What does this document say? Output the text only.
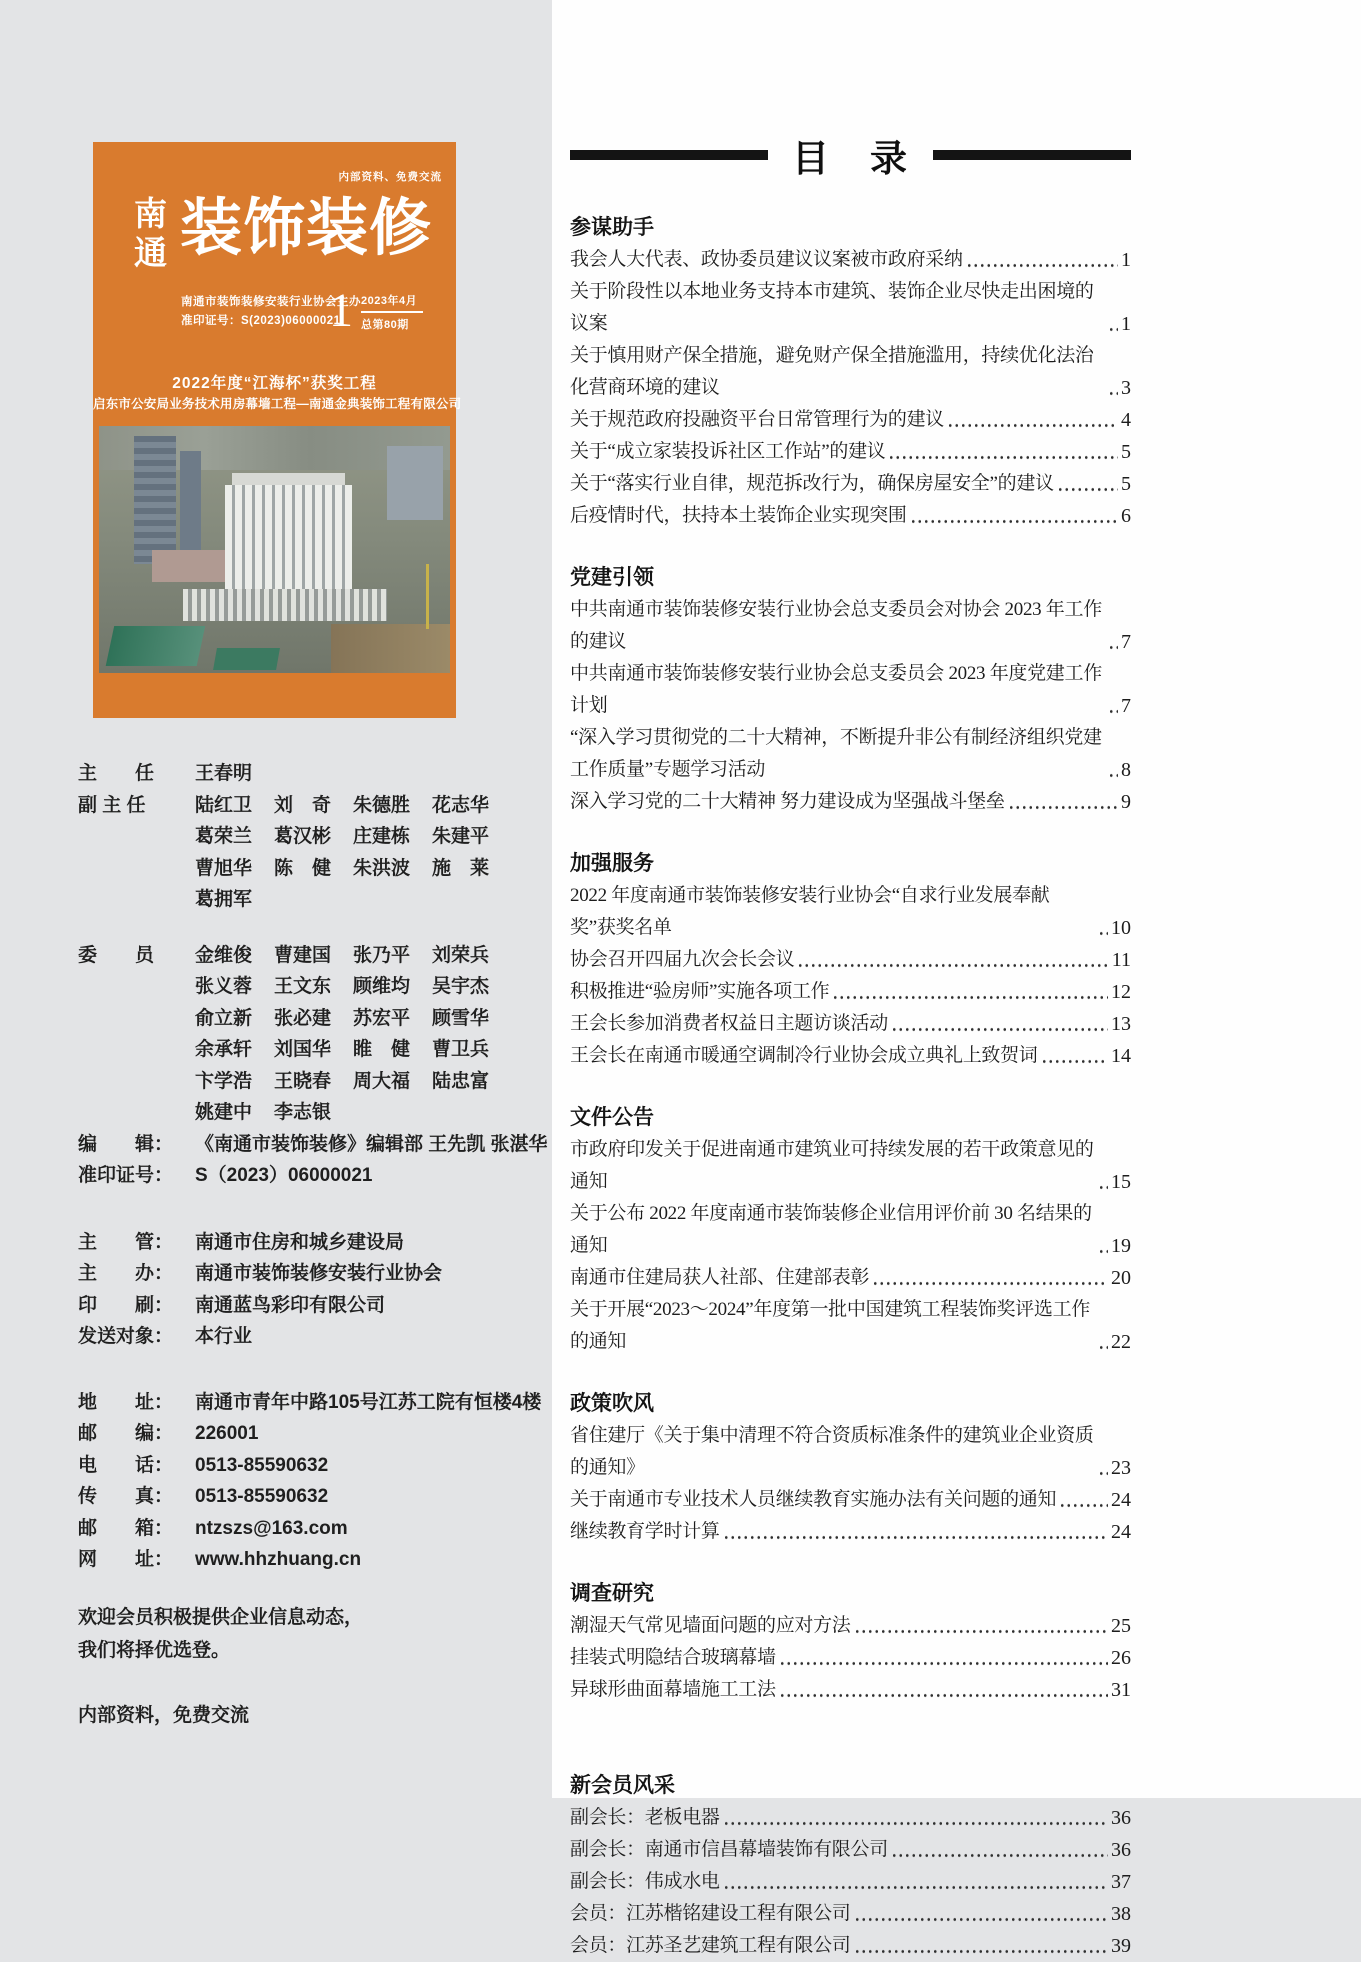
目　录
参谋助手
我会人大代表、政协委员建议议案被市政府采纳	1
关于阶段性以本地业务支持本市建筑、装饰企业尽快走出困境的议案	1
关于慎用财产保全措施，避免财产保全措施滥用，持续优化法治化营商环境的建议	3
关于规范政府投融资平台日常管理行为的建议	4
关于“成立家装投诉社区工作站”的建议	5
关于“落实行业自律，规范拆改行为，确保房屋安全”的建议	5
后疫情时代，扶持本土装饰企业实现突围	6
党建引领
中共南通市装饰装修安装行业协会总支委员会对协会 2023 年工作的建议	7
中共南通市装饰装修安装行业协会总支委员会 2023 年度党建工作计划	7
“深入学习贯彻党的二十大精神，不断提升非公有制经济组织党建工作质量”专题学习活动	8
深入学习党的二十大精神 努力建设成为坚强战斗堡垒	9
加强服务
2022 年度南通市装饰装修安装行业协会“自求行业发展奉献奖”获奖名单	10
协会召开四届九次会长会议	11
积极推进“验房师”实施各项工作	12
王会长参加消费者权益日主题访谈活动	13
王会长在南通市暖通空调制冷行业协会成立典礼上致贺词	14
文件公告
市政府印发关于促进南通市建筑业可持续发展的若干政策意见的通知	15
关于公布 2022 年度南通市装饰装修企业信用评价前 30 名结果的通知	19
南通市住建局获人社部、住建部表彰	20
关于开展“2023～2024”年度第一批中国建筑工程装饰奖评选工作的通知	22
政策吹风
省住建厅《关于集中清理不符合资质标准条件的建筑业企业资质的通知》	23
关于南通市专业技术人员继续教育实施办法有关问题的通知	24
继续教育学时计算	24
调查研究
潮湿天气常见墙面问题的应对方法	25
挂装式明隐结合玻璃幕墙	26
异球形曲面幕墙施工工法	31
新会员风采
副会长：老板电器	36
副会长：南通市信昌幕墙装饰有限公司	36
副会长：伟成水电	37
会员：江苏楷铭建设工程有限公司	38
会员：江苏圣艺建筑工程有限公司	39
内部资料、免费交流
南通 装饰装修
南通市装饰装修安装行业协会主办
准印证号：S(2023)06000021
1 2023年4月
总第80期
2022年度“江海杯”获奖工程
启东市公安局业务技术用房幕墙工程—南通金典装饰工程有限公司
主　　任	王春明
副 主 任	陆红卫 刘　奇 朱德胜 花志华
葛荣兰 葛汉彬 庄建栋 朱建平
曹旭华 陈　健 朱洪波 施　莱
葛拥军
委　　员	金维俊 曹建国 张乃平 刘荣兵
张义蓉 王文东 顾维均 吴宇杰
俞立新 张必建 苏宏平 顾雪华
余承轩 刘国华 睢　健 曹卫兵
卞学浩 王晓春 周大福 陆忠富
姚建中 李志银
编　　辑：	《南通市装饰装修》编辑部 王先凯 张湛华
准印证号：	S（2023）06000021
主　　管：	南通市住房和城乡建设局
主　　办：	南通市装饰装修安装行业协会
印　　刷：	南通蓝鸟彩印有限公司
发送对象：	本行业
地　　址：	南通市青年中路105号江苏工院有恒楼4楼
邮　　编：	226001
电　　话：	0513-85590632
传　　真：	0513-85590632
邮　　箱：	ntzszs@163.com
网　　址：	www.hhzhuang.cn
欢迎会员积极提供企业信息动态，
我们将择优选登。
内部资料，免费交流
